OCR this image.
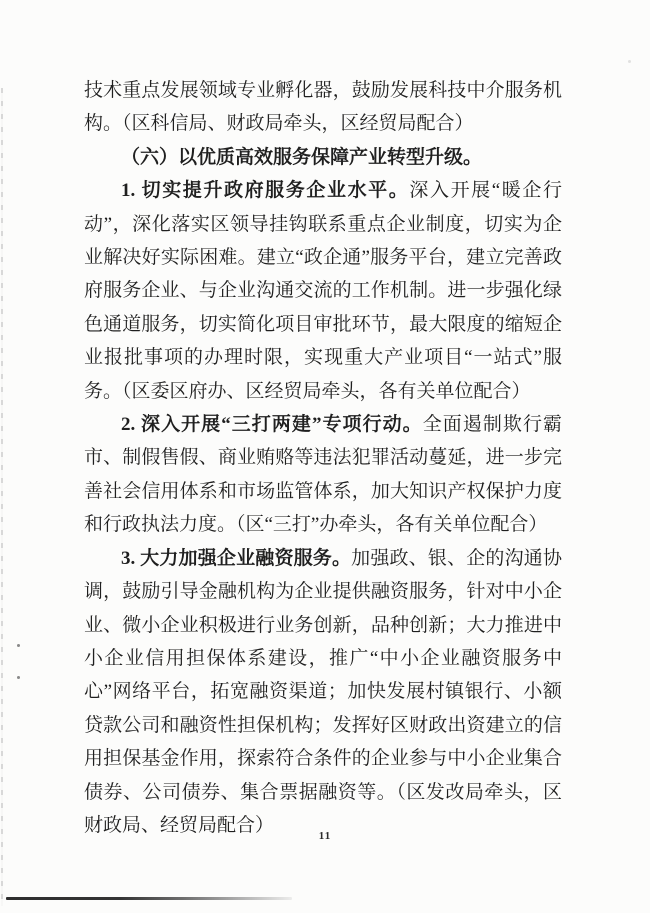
技术重点发展领域专业孵化器，鼓励发展科技中介服务机构。（区科信局、财政局牵头，区经贸局配合）

（六）以优质高效服务保障产业转型升级。

1. 切实提升政府服务企业水平。深入开展“暖企行动”，深化落实区领导挂钩联系重点企业制度，切实为企业解决好实际困难。建立“政企通”服务平台，建立完善政府服务企业、与企业沟通交流的工作机制。进一步强化绿色通道服务，切实简化项目审批环节，最大限度的缩短企业报批事项的办理时限，实现重大产业项目“一站式”服务。（区委区府办、区经贸局牵头，各有关单位配合）

2. 深入开展“三打两建”专项行动。全面遏制欺行霸市、制假售假、商业贿赂等违法犯罪活动蔓延，进一步完善社会信用体系和市场监管体系，加大知识产权保护力度和行政执法力度。（区“三打”办牵头，各有关单位配合）

3. 大力加强企业融资服务。加强政、银、企的沟通协调，鼓励引导金融机构为企业提供融资服务，针对中小企业、微小企业积极进行业务创新，品种创新；大力推进中小企业信用担保体系建设，推广“中小企业融资服务中心”网络平台，拓宽融资渠道；加快发展村镇银行、小额贷款公司和融资性担保机构；发挥好区财政出资建立的信用担保基金作用，探索符合条件的企业参与中小企业集合债券、公司债券、集合票据融资等。（区发改局牵头，区财政局、经贸局配合）

11
